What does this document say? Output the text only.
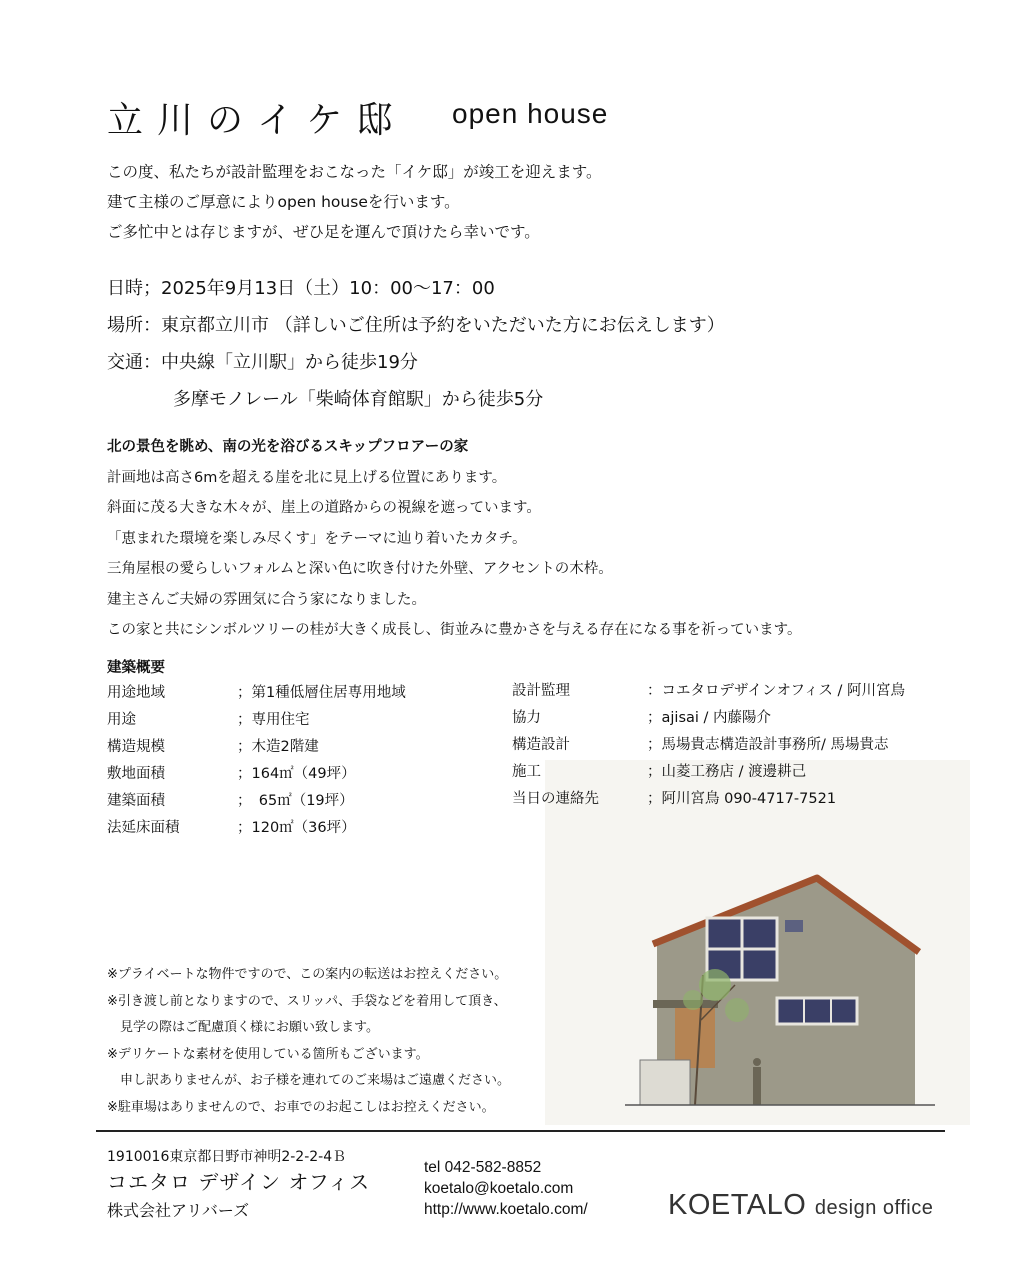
立川のイケ邸 open house
この度、私たちが設計監理をおこなった「イケ邸」が竣工を迎えます。
建て主様のご厚意によりopen houseを行います。
ご多忙中とは存じますが、ぜひ足を運んで頂けたら幸いです。
日時；2025年9月13日（土）10：00〜17：00
場所：東京都立川市 （詳しいご住所は予約をいただいた方にお伝えします）
交通：中央線「立川駅」から徒歩19分
多摩モノレール「柴崎体育館駅」から徒歩5分
北の景色を眺め、南の光を浴びるスキップフロアーの家
計画地は高さ6mを超える崖を北に見上げる位置にあります。
斜面に茂る大きな木々が、崖上の道路からの視線を遮っています。
「恵まれた環境を楽しみ尽くす」をテーマに辿り着いたカタチ。
三角屋根の愛らしいフォルムと深い色に吹き付けた外壁、アクセントの木枠。
建主さんご夫婦の雰囲気に合う家になりました。
この家と共にシンボルツリーの桂が大きく成長し、街並みに豊かさを与える存在になる事を祈っています。
建築概要
用途地域	；第1種低層住居専用地域
用途	；専用住宅
構造規模	；木造2階建
敷地面積	；164㎡（49坪）
建築面積	；　65㎡（19坪）
法延床面積	；120㎡（36坪）
設計監理	：コエタロデザインオフィス / 阿川宮鳥
協力	；ajisai / 内藤陽介
構造設計	；馬場貴志構造設計事務所/ 馬場貴志
施工	；山菱工務店 / 渡邊耕己
当日の連絡先	；阿川宮鳥 090-4717-7521
※プライベートな物件ですので、この案内の転送はお控えください。
※引き渡し前となりますので、スリッパ、手袋などを着用して頂き、
　見学の際はご配慮頂く様にお願い致します。
※デリケートな素材を使用している箇所もございます。
　申し訳ありませんが、お子様を連れてのご来場はご遠慮ください。
※駐車場はありませんので、お車でのお起こしはお控えください。
1910016東京都日野市神明2-2-2-4Ｂ
コエタロ デザイン オフィス
株式会社アリバーズ
tel 042-582-8852
koetalo@koetalo.com
http://www.koetalo.com/	KOETALO design office
